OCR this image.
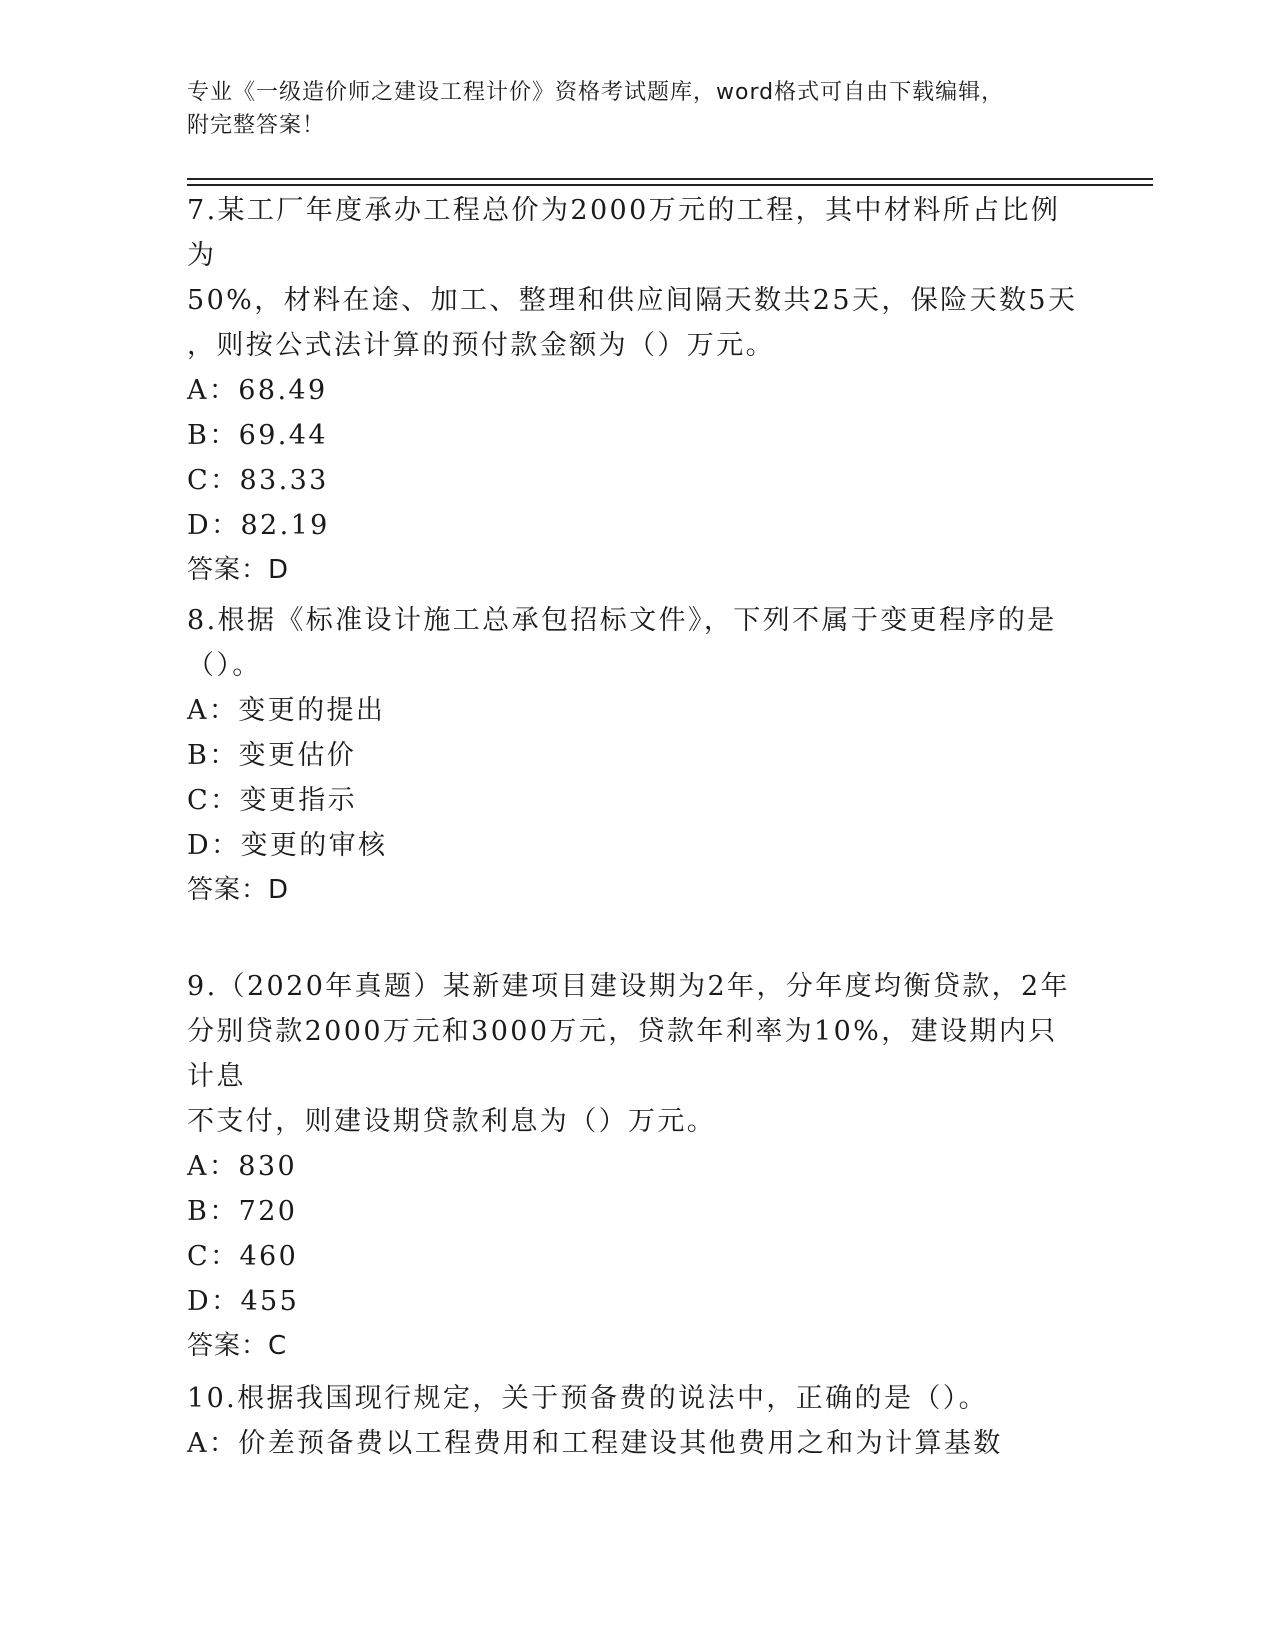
专业《一级造价师之建设工程计价》资格考试题库，word格式可自由下载编辑，
附完整答案！
7.某工厂年度承办工程总价为2000万元的工程，其中材料所占比例为
50%，材料在途、加工、整理和供应间隔天数共25天，保险天数5天
，则按公式法计算的预付款金额为（）万元。
A：68.49
B：69.44
C：83.33
D：82.19
答案：D
8.根据《标准设计施工总承包招标文件》，下列不属于变更程序的是
（）。
A：变更的提出
B：变更估价
C：变更指示
D：变更的审核
答案：D
9.（2020年真题）某新建项目建设期为2年，分年度均衡贷款，2年
分别贷款2000万元和3000万元，贷款年利率为10%，建设期内只计息
不支付，则建设期贷款利息为（）万元。
A：830
B：720
C：460
D：455
答案：C
10.根据我国现行规定，关于预备费的说法中，正确的是（）。
A：价差预备费以工程费用和工程建设其他费用之和为计算基数
